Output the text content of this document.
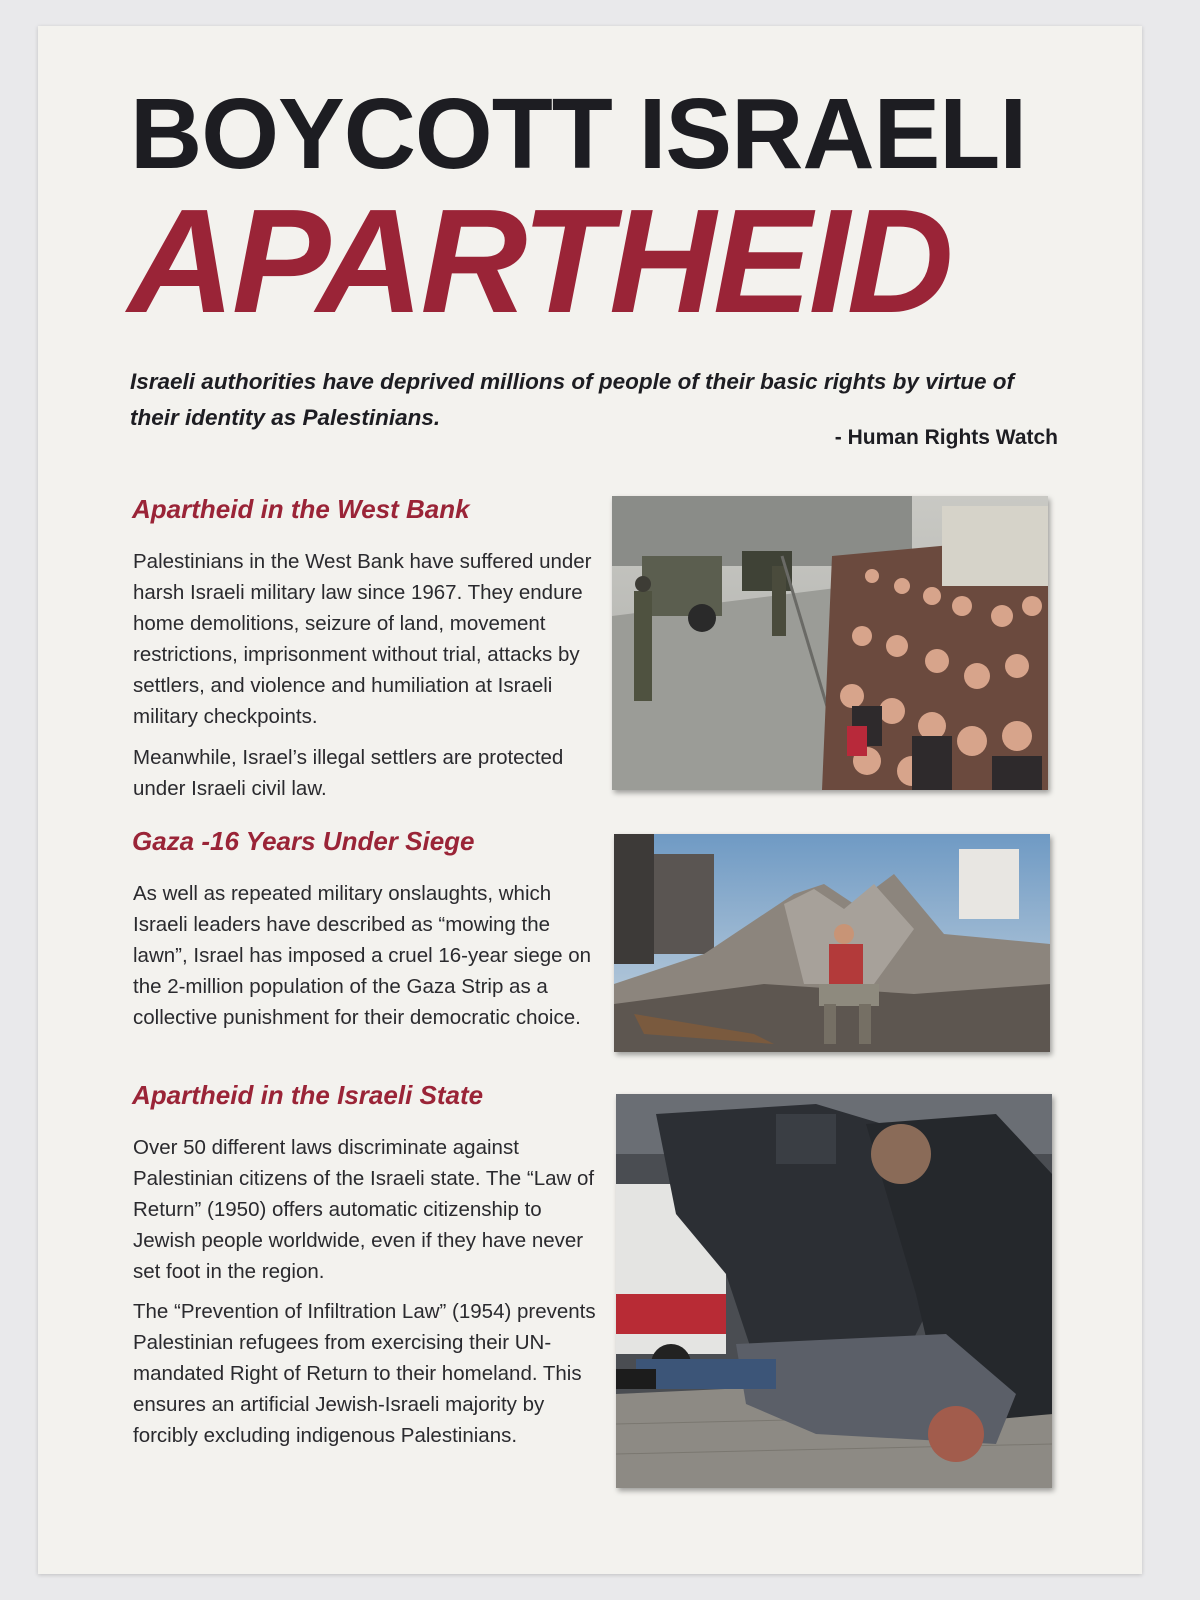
BOYCOTT ISRAELI
APARTHEID
Israeli authorities have deprived millions of people of their basic rights by virtue of their identity as Palestinians.
- Human Rights Watch
Apartheid in the West Bank
Palestinians in the West Bank have suffered under harsh Israeli military law since 1967. They endure home demolitions, seizure of land, movement restrictions, imprisonment without trial, attacks by settlers, and violence and humiliation at Israeli military checkpoints.
Meanwhile, Israel’s illegal settlers are protected under Israeli civil law.
Gaza -16 Years Under Siege
As well as repeated military onslaughts, which Israeli leaders have described as “mowing the lawn”, Israel has imposed a cruel 16-year siege on the 2-million population of the Gaza Strip as a collective punishment for their democratic choice.
Apartheid in the Israeli State
Over 50 different laws discriminate against Palestinian citizens of the Israeli state. The “Law of Return” (1950) offers automatic citizenship to Jewish people worldwide, even if they have never set foot in the region.
The “Prevention of Infiltration Law” (1954) prevents Palestinian refugees from exercising their UN-mandated Right of Return to their homeland. This ensures an artificial Jewish-Israeli majority by forcibly excluding indigenous Palestinians.
